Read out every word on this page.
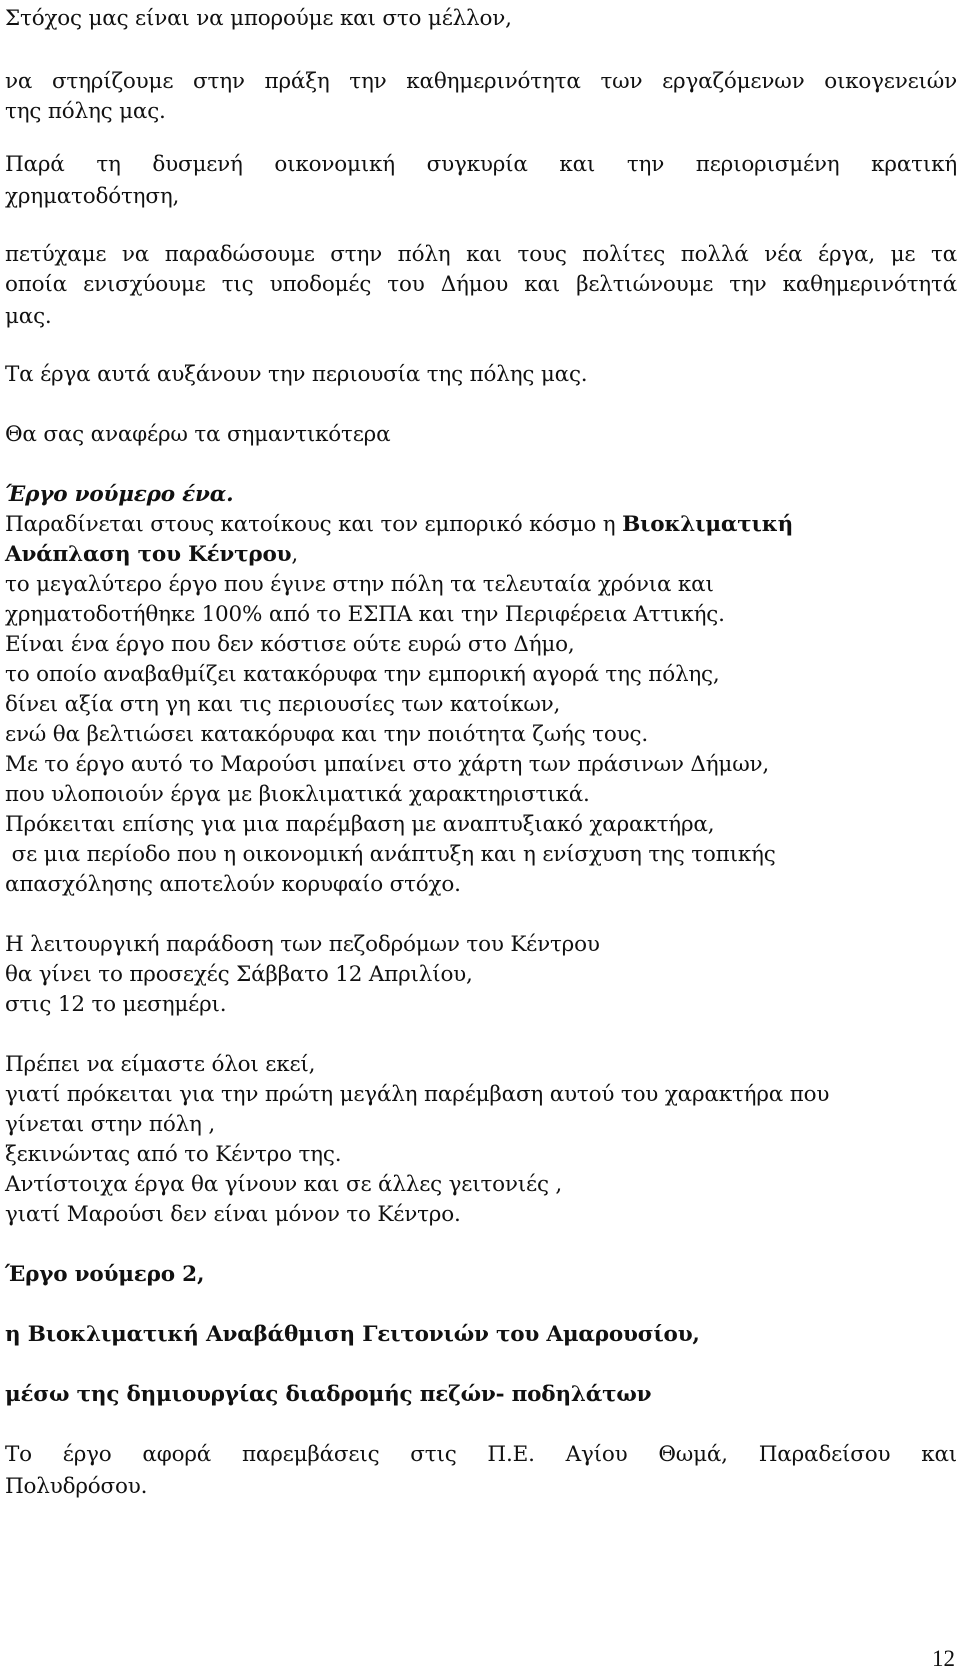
Στόχος μας είναι να μπορούμε και στο μέλλον,
να στηρίζουμε στην πράξη την καθημερινότητα των εργαζόμενων οικογενειών
της πόλης μας.
Παρά τη δυσμενή οικονομική συγκυρία και την περιορισμένη κρατική
χρηματοδότηση,
πετύχαμε να παραδώσουμε στην πόλη και τους πολίτες πολλά νέα έργα, με τα
οποία ενισχύουμε τις υποδομές του Δήμου και βελτιώνουμε την καθημερινότητά
μας.
Τα έργα αυτά αυξάνουν την περιουσία της πόλης μας.
Θα σας αναφέρω τα σημαντικότερα
Έργο νούμερο ένα.
Παραδίνεται στους κατοίκους και τον εμπορικό κόσμο η Βιοκλιματική
Ανάπλαση του Κέντρου,
το μεγαλύτερο έργο που έγινε στην πόλη τα τελευταία χρόνια και
χρηματοδοτήθηκε 100% από το ΕΣΠΑ και την Περιφέρεια Αττικής.
Είναι ένα έργο που δεν κόστισε ούτε ευρώ στο Δήμο,
το οποίο αναβαθμίζει κατακόρυφα την εμπορική αγορά της πόλης,
δίνει αξία στη γη και τις περιουσίες των κατοίκων,
ενώ θα βελτιώσει κατακόρυφα και την ποιότητα ζωής τους.
Με το έργο αυτό το Μαρούσι μπαίνει στο χάρτη των πράσινων Δήμων,
που υλοποιούν έργα με βιοκλιματικά χαρακτηριστικά.
Πρόκειται επίσης για μια παρέμβαση με αναπτυξιακό χαρακτήρα,
σε μια περίοδο που η οικονομική ανάπτυξη και η ενίσχυση της τοπικής
απασχόλησης αποτελούν κορυφαίο στόχο.
Η λειτουργική παράδοση των πεζοδρόμων του Κέντρου
θα γίνει το προσεχές Σάββατο 12 Απριλίου,
στις 12 το μεσημέρι.
Πρέπει να είμαστε όλοι εκεί,
γιατί πρόκειται για την πρώτη μεγάλη παρέμβαση αυτού του χαρακτήρα που
γίνεται στην πόλη ,
ξεκινώντας από το Κέντρο της.
Αντίστοιχα έργα θα γίνουν και σε άλλες γειτονιές ,
γιατί Μαρούσι δεν είναι μόνον το Κέντρο.
Έργο νούμερο 2,
η Βιοκλιματική Αναβάθμιση Γειτονιών του Αμαρουσίου,
μέσω της δημιουργίας διαδρομής πεζών- ποδηλάτων
Το έργο αφορά παρεμβάσεις στις Π.Ε. Αγίου Θωμά, Παραδείσου και
Πολυδρόσου.
12
